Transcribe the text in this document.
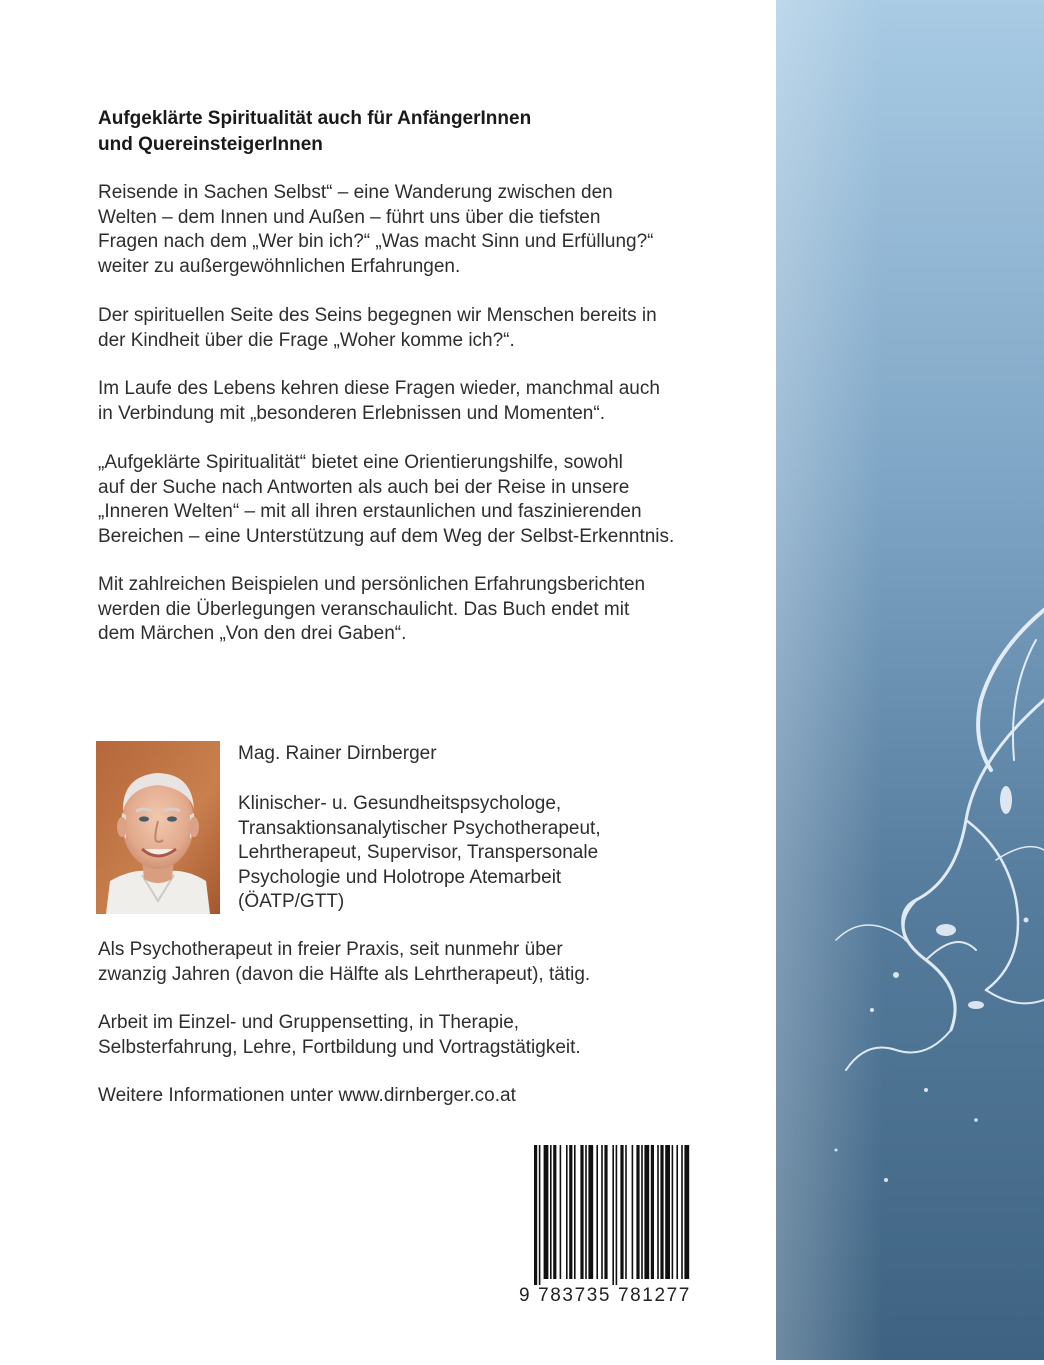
Aufgeklärte Spiritualität auch für AnfängerInnen
und QuereinsteigerInnen

Reisende in Sachen Selbst“ – eine Wanderung zwischen den
Welten – dem Innen und Außen – führt uns über die tiefsten
Fragen nach dem „Wer bin ich?“ „Was macht Sinn und Erfüllung?“
weiter zu außergewöhnlichen Erfahrungen.

Der spirituellen Seite des Seins begegnen wir Menschen bereits in
der Kindheit über die Frage „Woher komme ich?“.

Im Laufe des Lebens kehren diese Fragen wieder, manchmal auch
in Verbindung mit „besonderen Erlebnissen und Momenten“.

„Aufgeklärte Spiritualität“ bietet eine Orientierungshilfe, sowohl
auf der Suche nach Antworten als auch bei der Reise in unsere
„Inneren Welten“ – mit all ihren erstaunlichen und faszinierenden
Bereichen – eine Unterstützung auf dem Weg der Selbst-Erkenntnis.

Mit zahlreichen Beispielen und persönlichen Erfahrungsberichten
werden die Überlegungen veranschaulicht. Das Buch endet mit
dem Märchen „Von den drei Gaben“.

Mag. Rainer Dirnberger

Klinischer- u. Gesundheitspsychologe,
Transaktionsanalytischer Psychotherapeut,
Lehrtherapeut, Supervisor, Transpersonale
Psychologie und Holotrope Atemarbeit
(ÖATP/GTT)

Als Psychotherapeut in freier Praxis, seit nunmehr über
zwanzig Jahren (davon die Hälfte als Lehrtherapeut), tätig.

Arbeit im Einzel- und Gruppensetting, in Therapie,
Selbsterfahrung, Lehre, Fortbildung und Vortragstätigkeit.

Weitere Informationen unter www.dirnberger.co.at

9 783735 781277
